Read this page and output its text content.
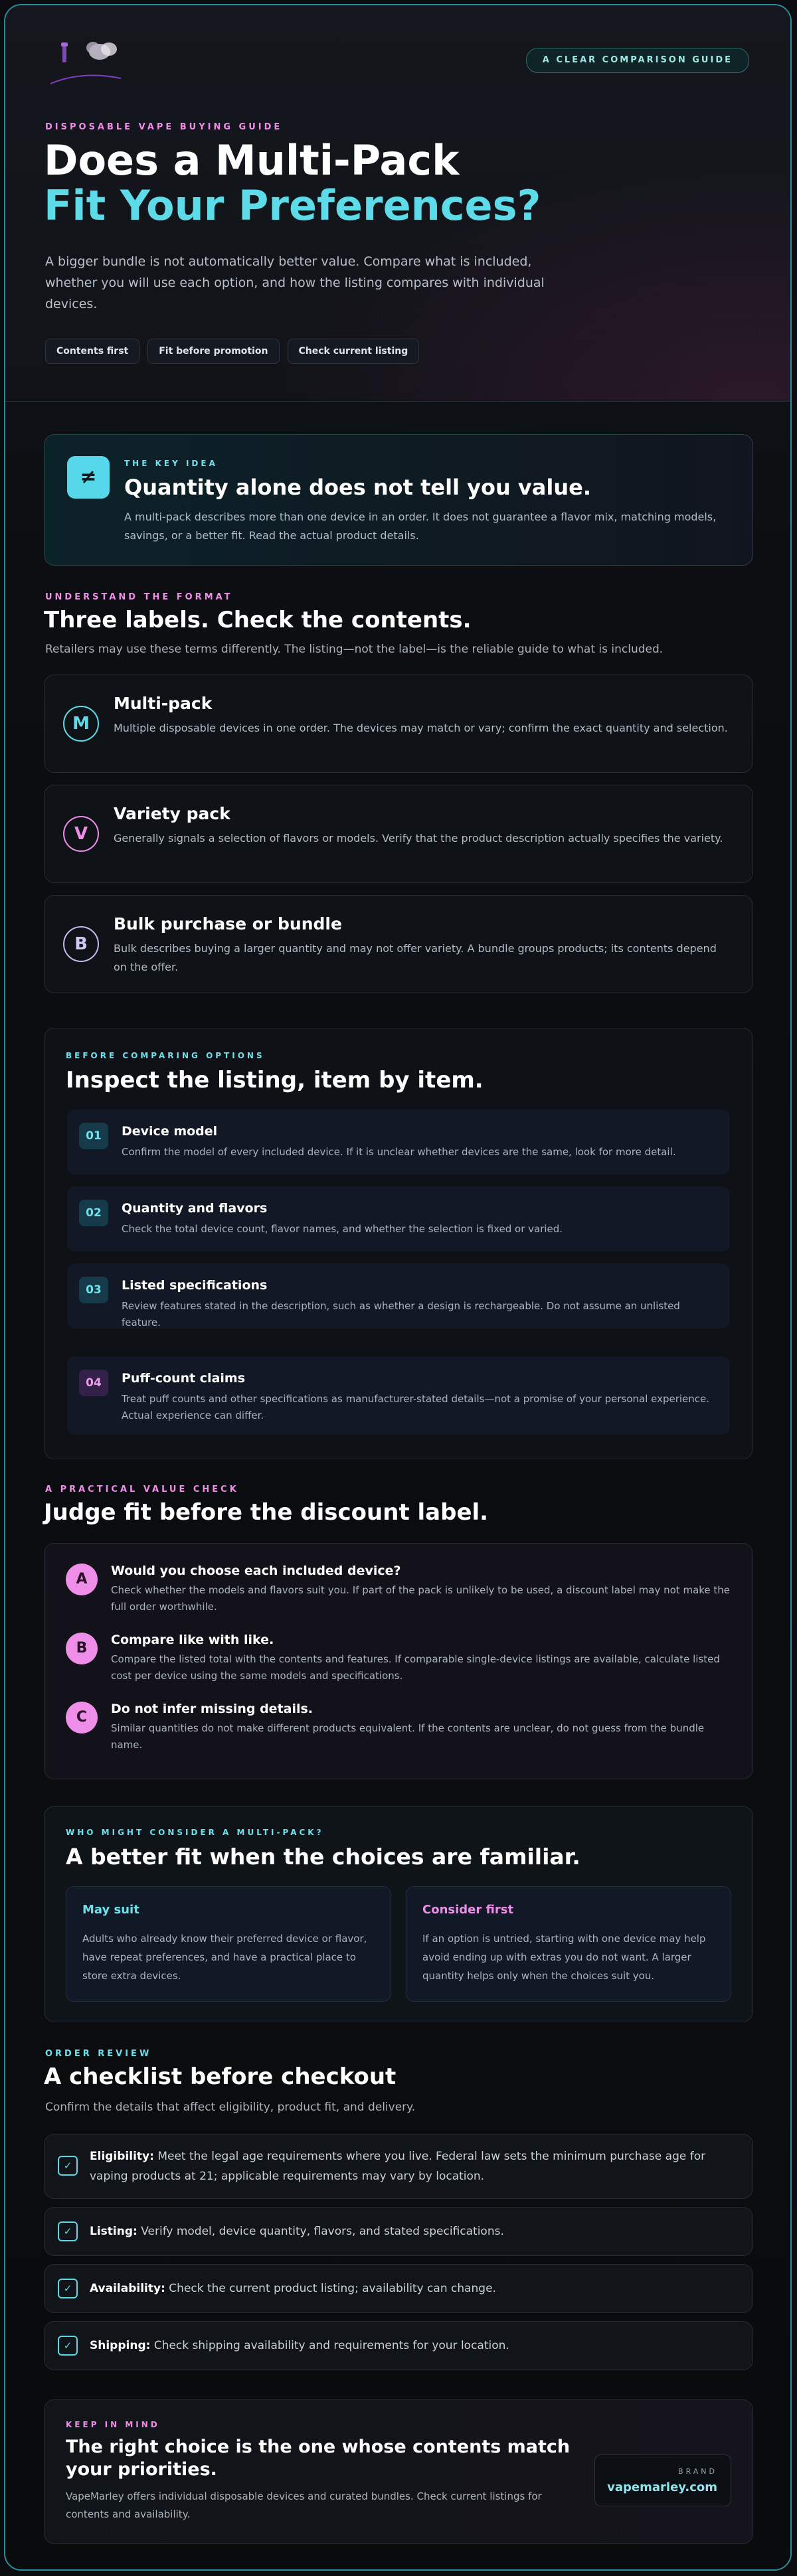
A CLEAR COMPARISON GUIDE
DISPOSABLE VAPE BUYING GUIDE
Does a Multi-Pack
Fit Your Preferences?

A bigger bundle is not automatically better value. Compare what is included, whether you will use each option, and how the listing compares with individual devices.

Contents first	Fit before promotion	Check current listing
≠
THE KEY IDEA
Quantity alone does not tell you value.

A multi-pack describes more than one device in an order. It does not guarantee a flavor mix, matching models, savings, or a better fit. Read the actual product details.

UNDERSTAND THE FORMAT
Three labels. Check the contents.

Retailers may use these terms differently. The listing—not the label—is the reliable guide to what is included.

M
Multi-pack

Multiple disposable devices in one order. The devices may match or vary; confirm the exact quantity and selection.

V
Variety pack

Generally signals a selection of flavors or models. Verify that the product description actually specifies the variety.

B
Bulk purchase or bundle

Bulk describes buying a larger quantity and may not offer variety. A bundle groups products; its contents depend on the offer.

BEFORE COMPARING OPTIONS
Inspect the listing, item by item.
01	Device model

Confirm the model of every included device. If it is unclear whether devices are the same, look for more detail.

02	Quantity and flavors

Check the total device count, flavor names, and whether the selection is fixed or varied.

03	Listed specifications

Review features stated in the description, such as whether a design is rechargeable. Do not assume an unlisted feature.

04	Puff-count claims

Treat puff counts and other specifications as manufacturer-stated details—not a promise of your personal experience. Actual experience can differ.

A PRACTICAL VALUE CHECK
Judge fit before the discount label.
A	Would you choose each included device?

Check whether the models and flavors suit you. If part of the pack is unlikely to be used, a discount label may not make the full order worthwhile.

B	Compare like with like.

Compare the listed total with the contents and features. If comparable single-device listings are available, calculate listed cost per device using the same models and specifications.

C	Do not infer missing details.

Similar quantities do not make different products equivalent. If the contents are unclear, do not guess from the bundle name.

WHO MIGHT CONSIDER A MULTI-PACK?
A better fit when the choices are familiar.
May suit

Adults who already know their preferred device or flavor, have repeat preferences, and have a practical place to store extra devices.

Consider first

If an option is untried, starting with one device may help avoid ending up with extras you do not want. A larger quantity helps only when the choices suit you.

ORDER REVIEW
A checklist before checkout

Confirm the details that affect eligibility, product fit, and delivery.

✓

Eligibility: Meet the legal age requirements where you live. Federal law sets the minimum purchase age for vaping products at 21; applicable requirements may vary by location.

✓	Listing: Verify model, device quantity, flavors, and stated specifications.

✓	Availability: Check the current product listing; availability can change.

✓	Shipping: Check shipping availability and requirements for your location.

KEEP IN MIND
The right choice is the one whose contents match your priorities.

VapeMarley offers individual disposable devices and curated bundles. Check current listings for contents and availability.

BRAND
vapemarley.com
